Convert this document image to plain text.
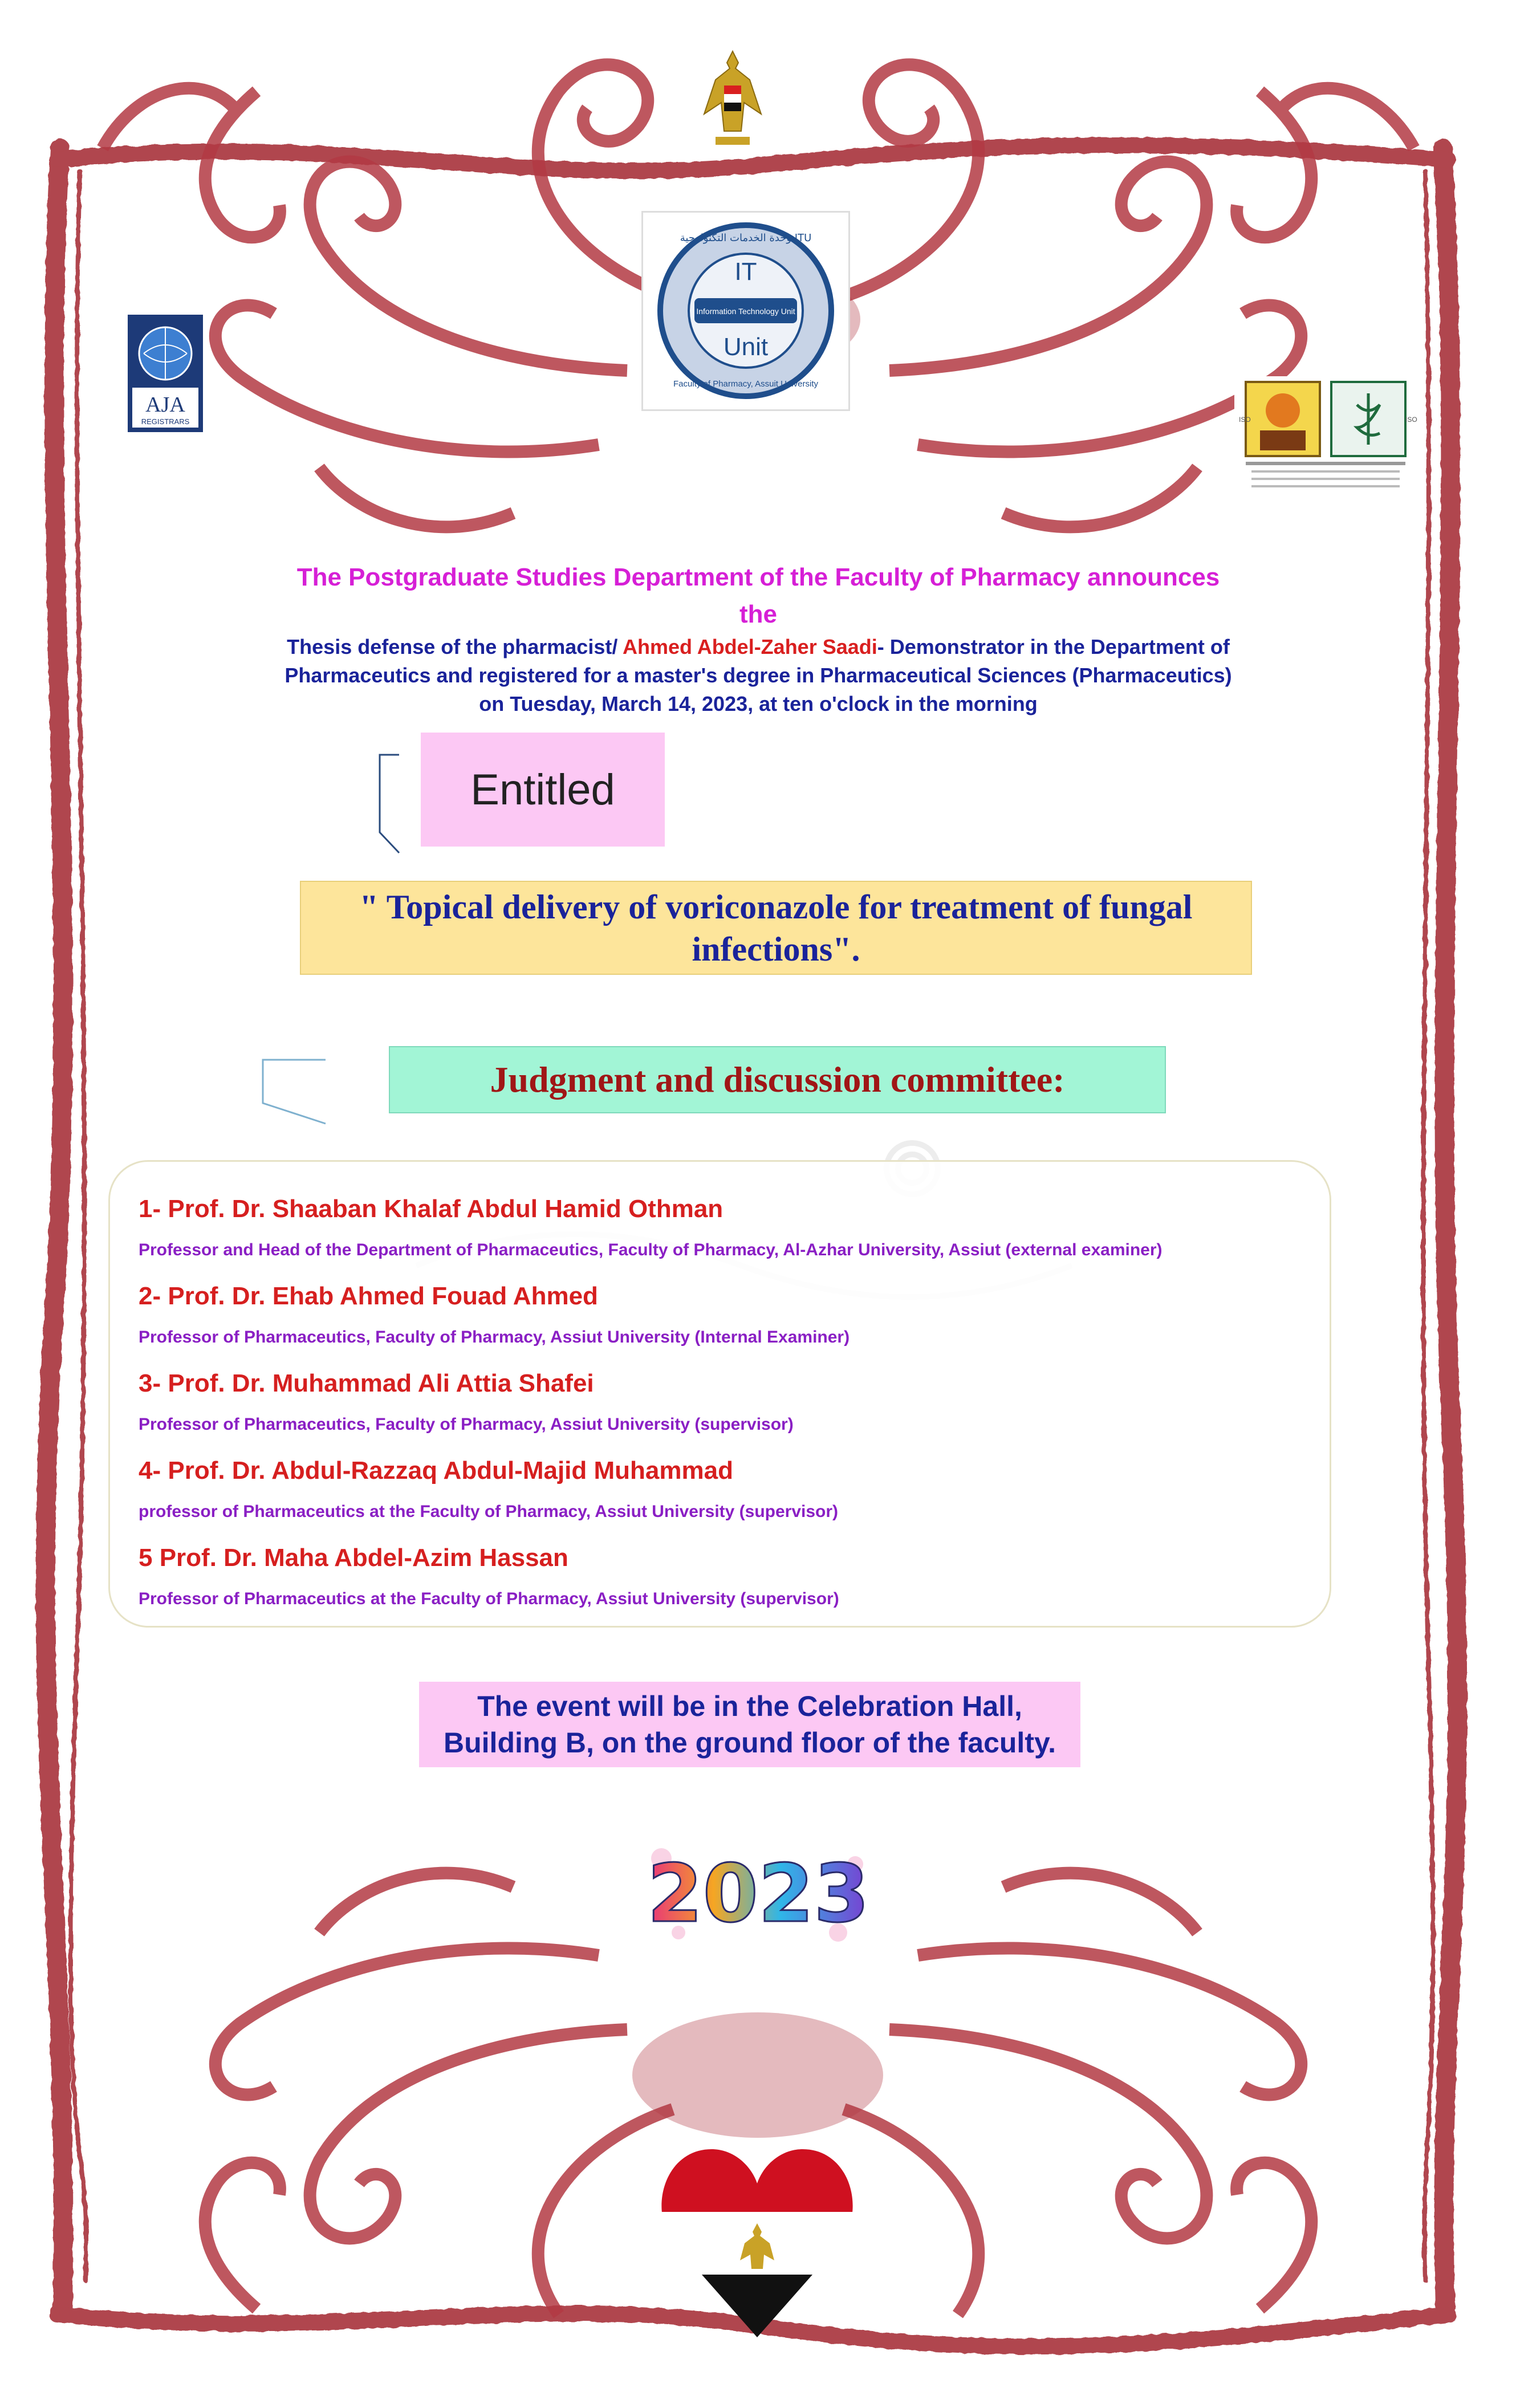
IT
Unit
وحدة الخدمات التكنولوجية ITU
Information Technology Unit
Faculty of Pharmacy, Assuit University
AJA
REGISTRARS	ISO	ISO
The Postgraduate Studies Department of the Faculty of Pharmacy announces
the
Thesis defense of the pharmacist/ Ahmed Abdel-Zaher Saadi- Demonstrator in the Department of
Pharmaceutics and registered for a master's degree in Pharmaceutical Sciences (Pharmaceutics)
on Tuesday, March 14, 2023, at ten o'clock in the morning
Entitled
" Topical delivery of voriconazole for treatment of fungal
infections".
Judgment and discussion committee:
1- Prof. Dr. Shaaban Khalaf Abdul Hamid Othman
Professor and Head of the Department of Pharmaceutics, Faculty of Pharmacy, Al-Azhar University, Assiut (external examiner)
2- Prof. Dr. Ehab Ahmed Fouad Ahmed
Professor of Pharmaceutics, Faculty of Pharmacy, Assiut University (Internal Examiner)
3- Prof. Dr. Muhammad Ali Attia Shafei
Professor of Pharmaceutics, Faculty of Pharmacy, Assiut University (supervisor)
4- Prof. Dr. Abdul-Razzaq Abdul-Majid Muhammad
professor of Pharmaceutics at the Faculty of Pharmacy, Assiut University (supervisor)
5 Prof. Dr. Maha Abdel-Azim Hassan
Professor of Pharmaceutics at the Faculty of Pharmacy, Assiut University (supervisor)
The event will be in the Celebration Hall,
Building B, on the ground floor of the faculty.
2023
